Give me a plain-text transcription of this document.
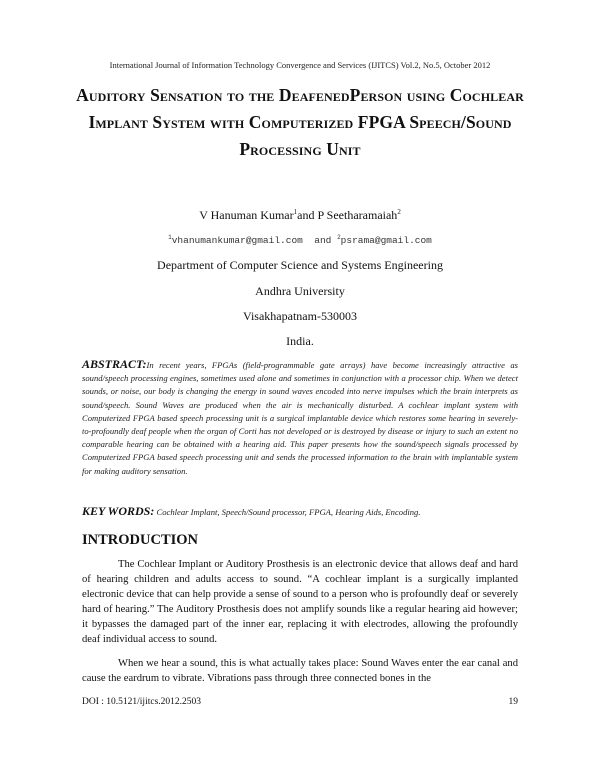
International Journal of Information Technology Convergence and Services (IJITCS) Vol.2, No.5, October 2012
Auditory Sensation to the DeafenedPerson using Cochlear Implant System with Computerized FPGA Speech/Sound Processing Unit
V Hanuman Kumar$^1$and P Seetharamaiah$^2$
$^1$vhanumankumar@gmail.com and $^2$psrama@gmail.com
Department of Computer Science and Systems Engineering
Andhra University
Visakhapatnam-530003
India.
ABSTRACT:In recent years, FPGAs (field-programmable gate arrays) have become increasingly attractive as sound/speech processing engines, sometimes used alone and sometimes in conjunction with a processor chip. When we detect sounds, or noise, our body is changing the energy in sound waves encoded into nerve impulses which the brain interprets as sound/speech. Sound Waves are produced when the air is mechanically disturbed. A cochlear implant system with Computerized FPGA based speech processing unit is a surgical implantable device which restores some hearing in severely-to-profoundly deaf people when the organ of Corti has not developed or is destroyed by disease or injury to such an extent no comparable hearing can be obtained with a hearing aid. This paper presents how the sound/speech signals processed by Computerized FPGA based speech processing unit and sends the processed information to the brain with implantable system for making auditory sensation.
KEY WORDS: Cochlear Implant, Speech/Sound processor, FPGA, Hearing Aids, Encoding.
INTRODUCTION
The Cochlear Implant or Auditory Prosthesis is an electronic device that allows deaf and hard of hearing children and adults access to sound. “A cochlear implant is a surgically implanted electronic device that can help provide a sense of sound to a person who is profoundly deaf or severely hard of hearing.” The Auditory Prosthesis does not amplify sounds like a regular hearing aid however; it bypasses the damaged part of the inner ear, replacing it with electrodes, allowing the profoundly deaf individual access to sound.
When we hear a sound, this is what actually takes place: Sound Waves enter the ear canal and cause the eardrum to vibrate. Vibrations pass through three connected bones in the
DOI : 10.5121/ijitcs.2012.2503	19
